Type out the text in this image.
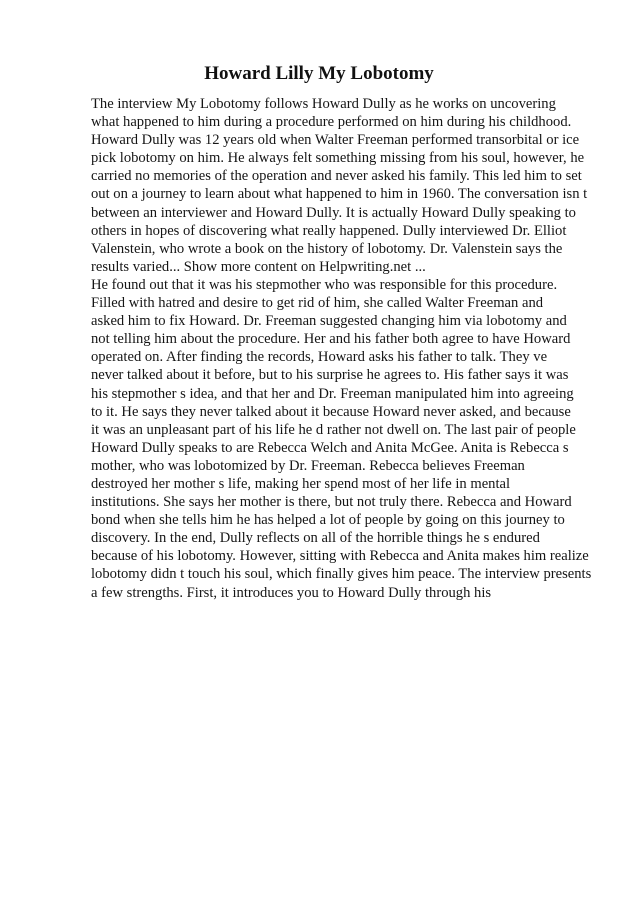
Howard Lilly My Lobotomy
The interview My Lobotomy follows Howard Dully as he works on uncovering
what happened to him during a procedure performed on him during his childhood.
Howard Dully was 12 years old when Walter Freeman performed transorbital or ice
pick lobotomy on him. He always felt something missing from his soul, however, he
carried no memories of the operation and never asked his family. This led him to set
out on a journey to learn about what happened to him in 1960. The conversation isn t
between an interviewer and Howard Dully. It is actually Howard Dully speaking to
others in hopes of discovering what really happened. Dully interviewed Dr. Elliot
Valenstein, who wrote a book on the history of lobotomy. Dr. Valenstein says the
results varied... Show more content on Helpwriting.net ...
He found out that it was his stepmother who was responsible for this procedure.
Filled with hatred and desire to get rid of him, she called Walter Freeman and
asked him to fix Howard. Dr. Freeman suggested changing him via lobotomy and
not telling him about the procedure. Her and his father both agree to have Howard
operated on. After finding the records, Howard asks his father to talk. They ve
never talked about it before, but to his surprise he agrees to. His father says it was
his stepmother s idea, and that her and Dr. Freeman manipulated him into agreeing
to it. He says they never talked about it because Howard never asked, and because
it was an unpleasant part of his life he d rather not dwell on. The last pair of people
Howard Dully speaks to are Rebecca Welch and Anita McGee. Anita is Rebecca s
mother, who was lobotomized by Dr. Freeman. Rebecca believes Freeman
destroyed her mother s life, making her spend most of her life in mental
institutions. She says her mother is there, but not truly there. Rebecca and Howard
bond when she tells him he has helped a lot of people by going on this journey to
discovery. In the end, Dully reflects on all of the horrible things he s endured
because of his lobotomy. However, sitting with Rebecca and Anita makes him realize
lobotomy didn t touch his soul, which finally gives him peace. The interview presents
a few strengths. First, it introduces you to Howard Dully through his
